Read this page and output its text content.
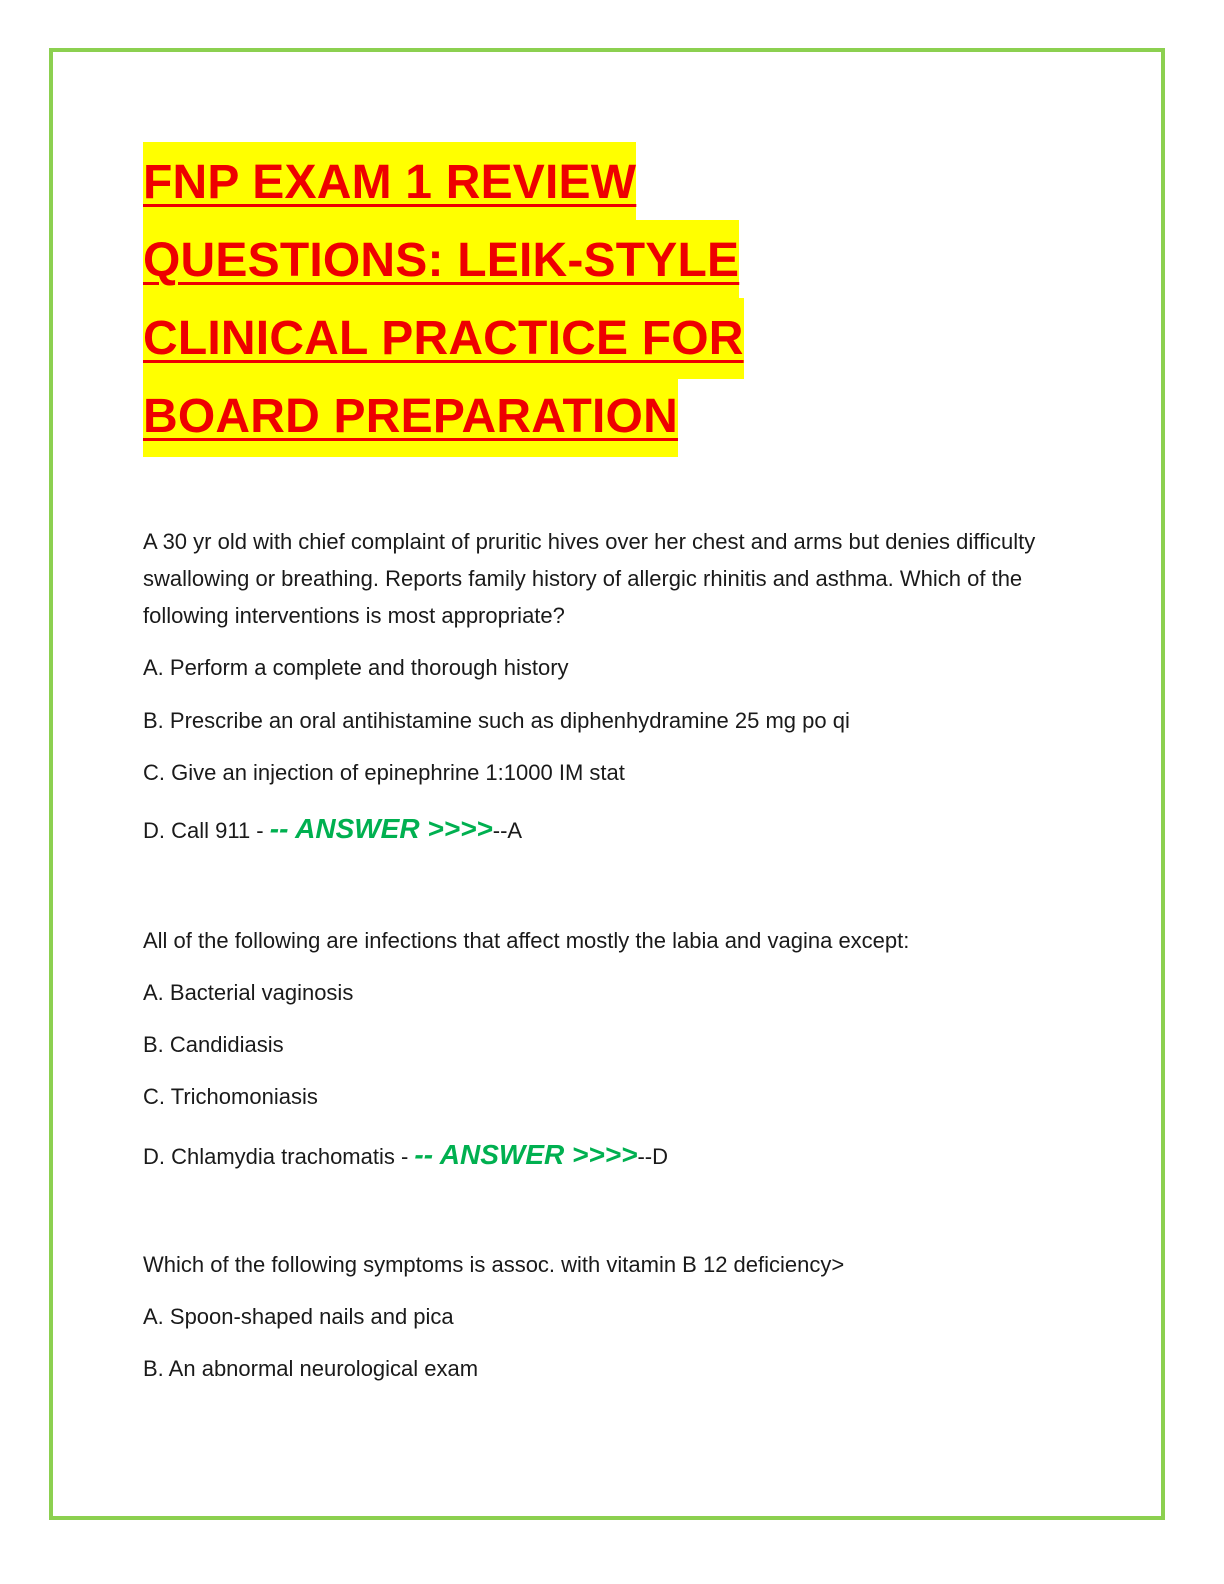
FNP EXAM 1 REVIEW
QUESTIONS: LEIK-STYLE
CLINICAL PRACTICE FOR
BOARD PREPARATION

A 30 yr old with chief complaint of pruritic hives over her chest and arms but denies difficulty swallowing or breathing. Reports family history of allergic rhinitis and asthma. Which of the following interventions is most appropriate?

A. Perform a complete and thorough history

B. Prescribe an oral antihistamine such as diphenhydramine 25 mg po qi

C. Give an injection of epinephrine 1:1000 IM stat

D. Call 911 - -- ANSWER >>>>--A

All of the following are infections that affect mostly the labia and vagina except:

A. Bacterial vaginosis

B. Candidiasis

C. Trichomoniasis

D. Chlamydia trachomatis - -- ANSWER >>>>--D

Which of the following symptoms is assoc. with vitamin B 12 deficiency>

A. Spoon-shaped nails and pica

B. An abnormal neurological exam
